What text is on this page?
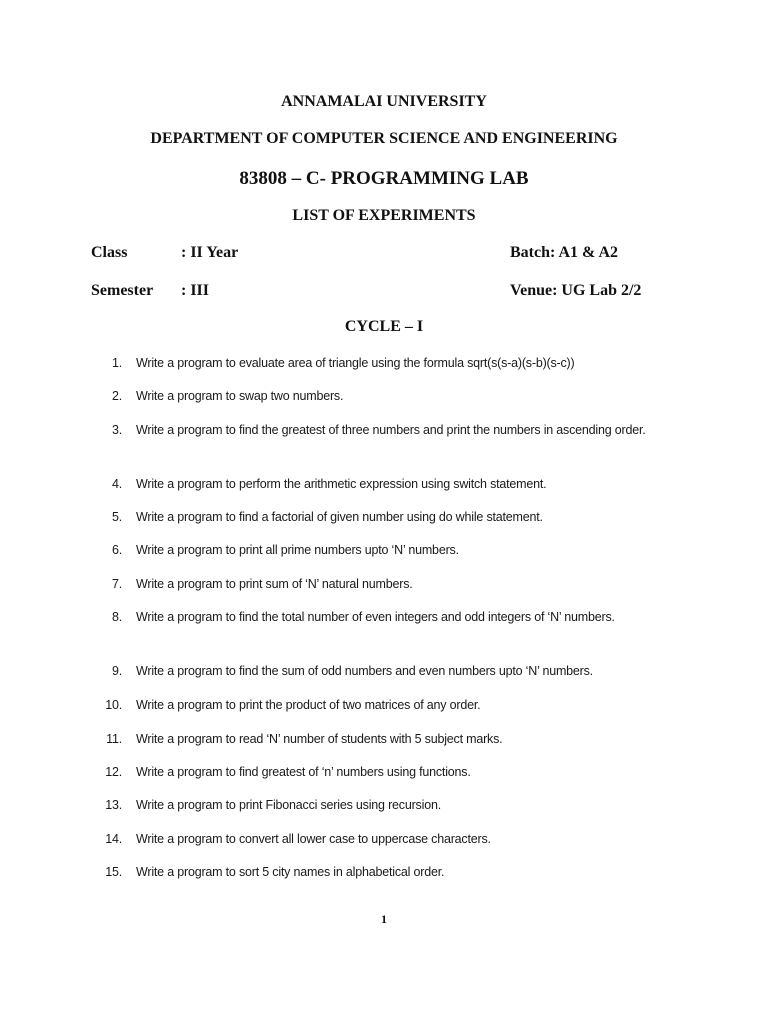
ANNAMALAI UNIVERSITY
DEPARTMENT OF COMPUTER SCIENCE AND ENGINEERING
83808 – C- PROGRAMMING LAB
LIST OF EXPERIMENTS
Class	: II Year	Batch: A1 & A2
Semester : III	Venue: UG Lab 2/2
CYCLE – I
1. Write a program to evaluate area of triangle using the formula sqrt(s(s-a)(s-b)(s-c))
2. Write a program to swap two numbers.
3. Write a program to find the greatest of three numbers and print the numbers in ascending order.
4. Write a program to perform the arithmetic expression using switch statement.
5. Write a program to find a factorial of given number using do while statement.
6. Write a program to print all prime numbers upto ‘N’ numbers.
7. Write a program to print sum of ‘N’ natural numbers.
8. Write a program to find the total number of even integers and odd integers of ‘N’ numbers.
9. Write a program to find the sum of odd numbers and even numbers upto ‘N’ numbers.
10. Write a program to print the product of two matrices of any order.
11. Write a program to read ‘N’ number of students with 5 subject marks.
12. Write a program to find greatest of ‘n’ numbers using functions.
13. Write a program to print Fibonacci series using recursion.
14. Write a program to convert all lower case to uppercase characters.
15. Write a program to sort 5 city names in alphabetical order.
1
